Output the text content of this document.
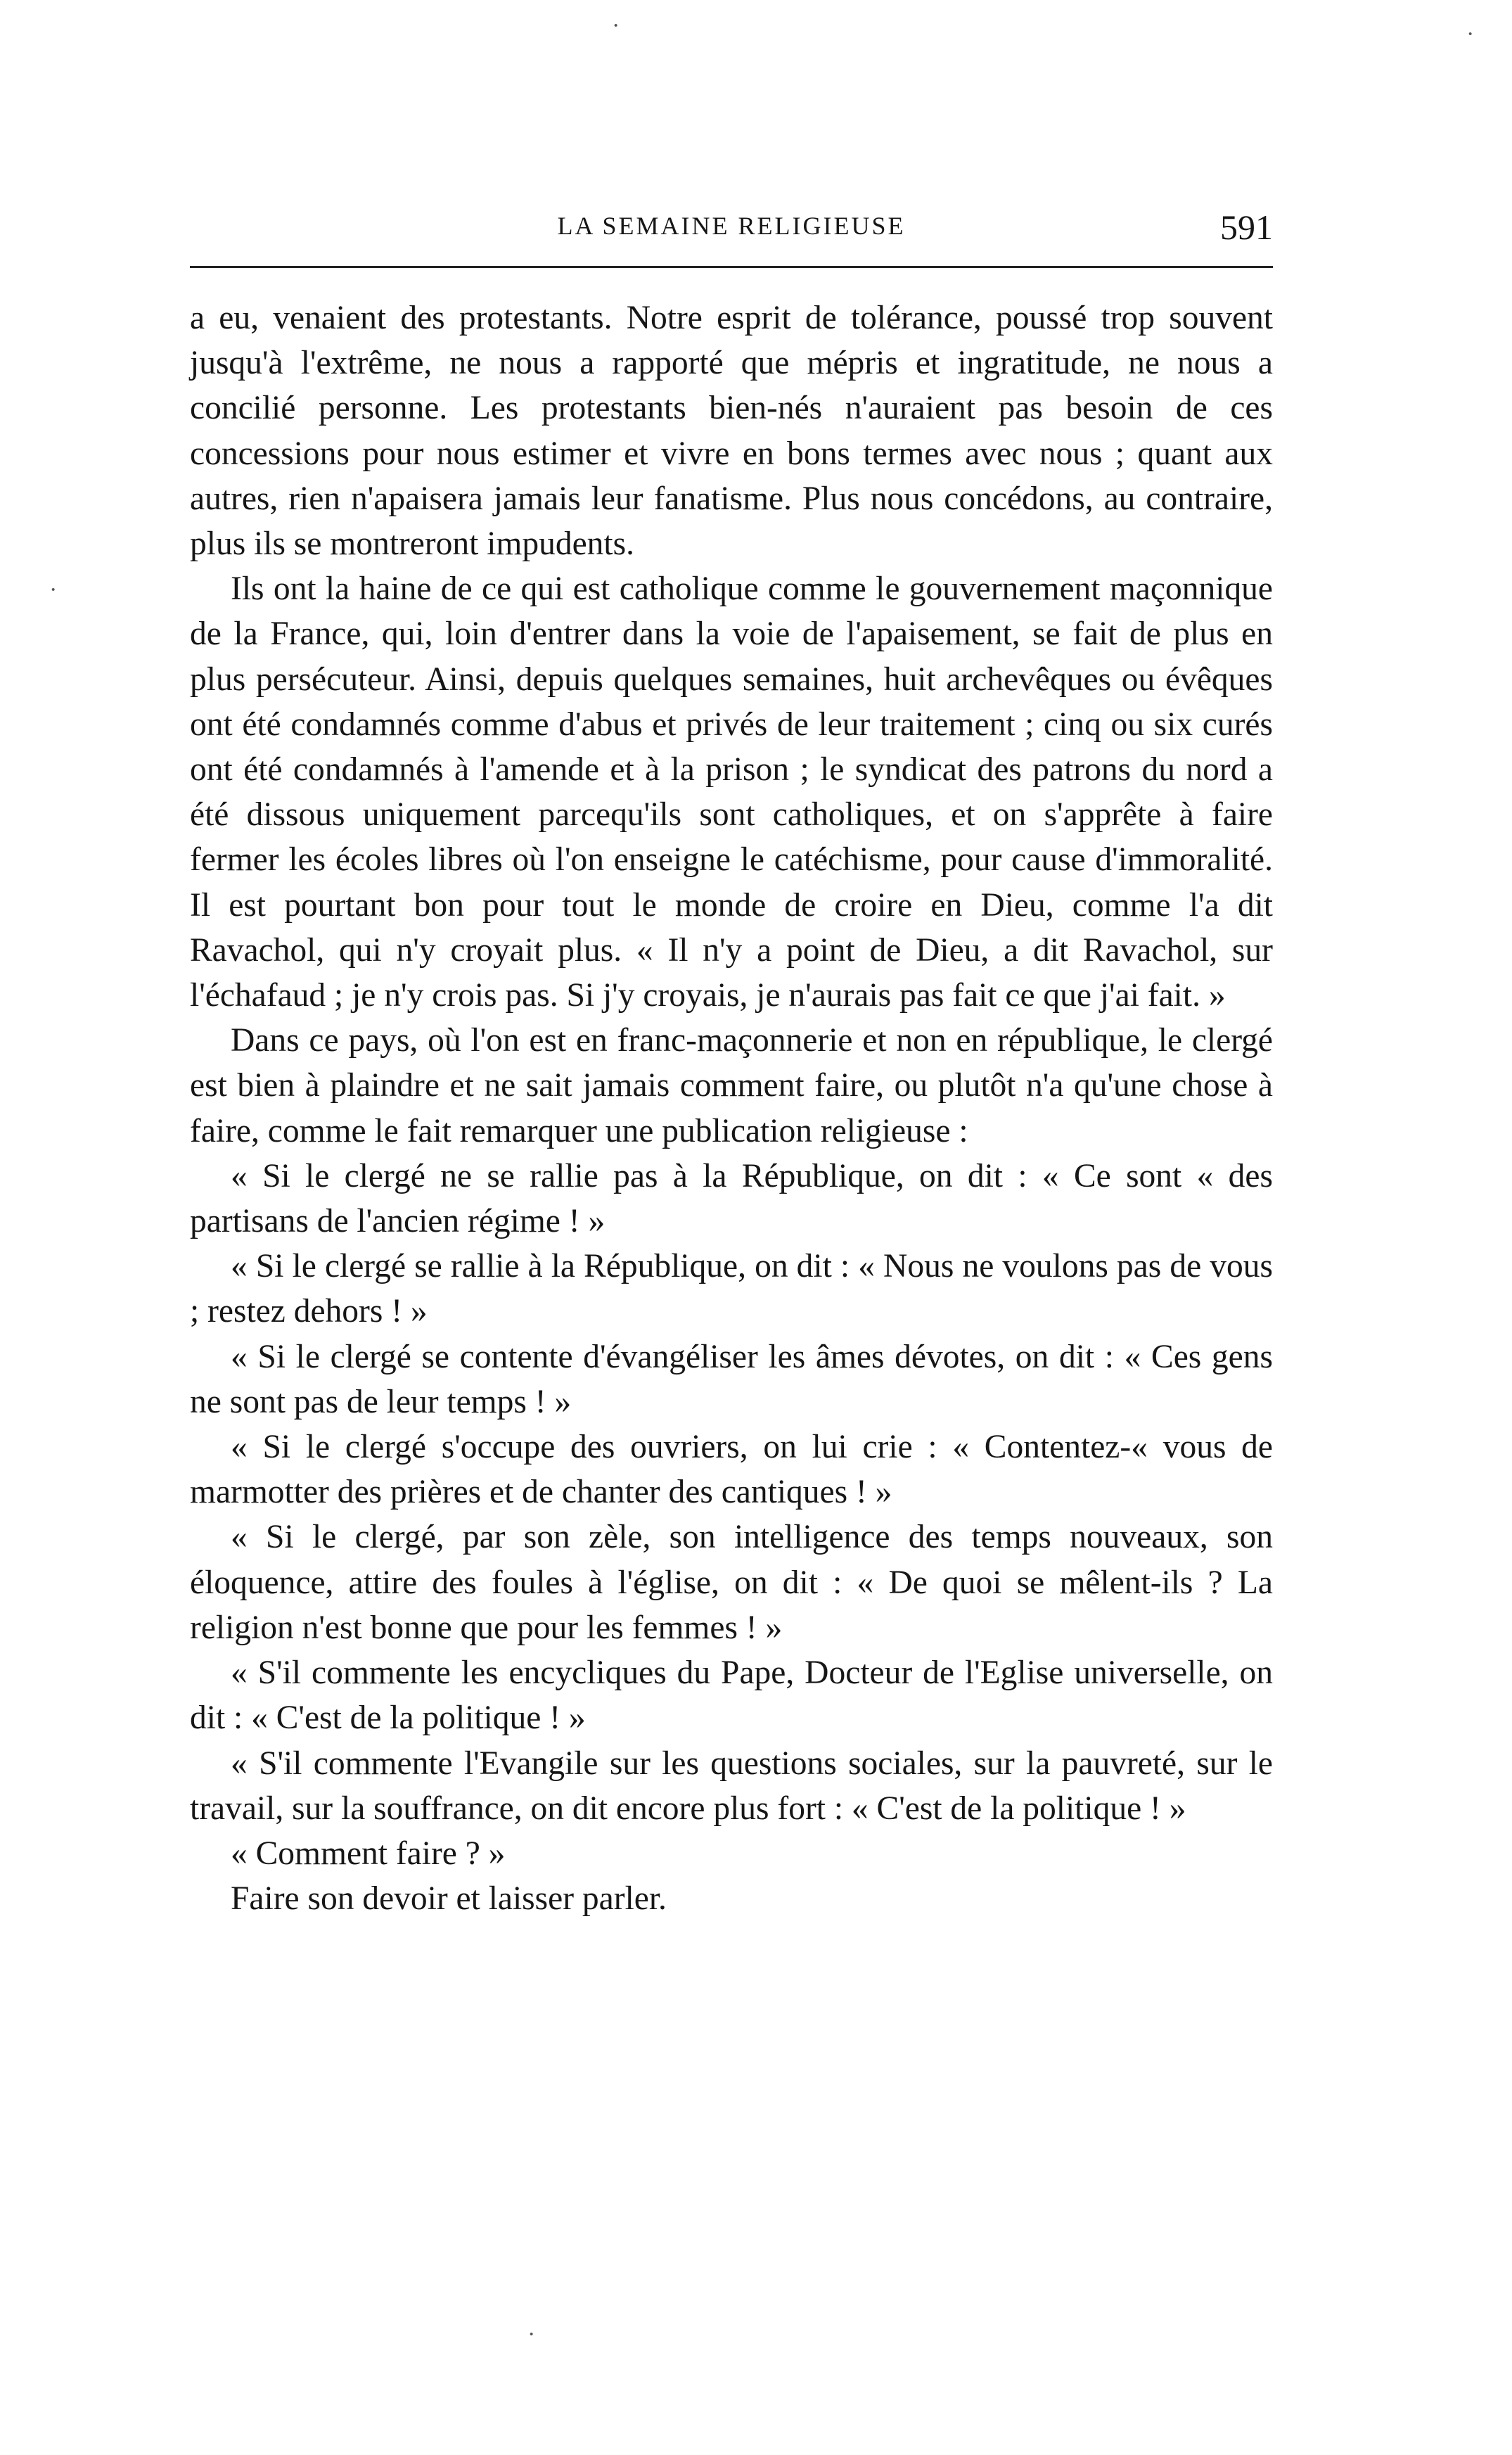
LA SEMAINE RELIGIEUSE	591

a eu, venaient des protestants. Notre esprit de tolérance, poussé trop souvent jusqu'à l'extrême, ne nous a rapporté que mépris et ingratitude, ne nous a concilié personne. Les protestants bien-nés n'auraient pas besoin de ces concessions pour nous estimer et vivre en bons termes avec nous ; quant aux autres, rien n'apaisera jamais leur fanatisme. Plus nous concédons, au contraire, plus ils se montreront impudents.

Ils ont la haine de ce qui est catholique comme le gouvernement maçonnique de la France, qui, loin d'entrer dans la voie de l'apaisement, se fait de plus en plus persécuteur. Ainsi, depuis quelques semaines, huit archevêques ou évêques ont été condamnés comme d'abus et privés de leur traitement ; cinq ou six curés ont été condamnés à l'amende et à la prison ; le syndicat des patrons du nord a été dissous uniquement parcequ'ils sont catholiques, et on s'apprête à faire fermer les écoles libres où l'on enseigne le catéchisme, pour cause d'immoralité. Il est pourtant bon pour tout le monde de croire en Dieu, comme l'a dit Ravachol, qui n'y croyait plus. « Il n'y a point de Dieu, a dit Ravachol, sur l'échafaud ; je n'y crois pas. Si j'y croyais, je n'aurais pas fait ce que j'ai fait. »

Dans ce pays, où l'on est en franc-maçonnerie et non en république, le clergé est bien à plaindre et ne sait jamais comment faire, ou plutôt n'a qu'une chose à faire, comme le fait remarquer une publication religieuse :

« Si le clergé ne se rallie pas à la République, on dit : « Ce sont « des partisans de l'ancien régime ! »

« Si le clergé se rallie à la République, on dit : « Nous ne voulons pas de vous ; restez dehors ! »

« Si le clergé se contente d'évangéliser les âmes dévotes, on dit : « Ces gens ne sont pas de leur temps ! »

« Si le clergé s'occupe des ouvriers, on lui crie : « Contentez-« vous de marmotter des prières et de chanter des cantiques ! »

« Si le clergé, par son zèle, son intelligence des temps nouveaux, son éloquence, attire des foules à l'église, on dit : « De quoi se mêlent-ils ? La religion n'est bonne que pour les femmes ! »

« S'il commente les encycliques du Pape, Docteur de l'Eglise universelle, on dit : « C'est de la politique ! »

« S'il commente l'Evangile sur les questions sociales, sur la pauvreté, sur le travail, sur la souffrance, on dit encore plus fort : « C'est de la politique ! »

« Comment faire ? »

Faire son devoir et laisser parler.

·
·
·
·
